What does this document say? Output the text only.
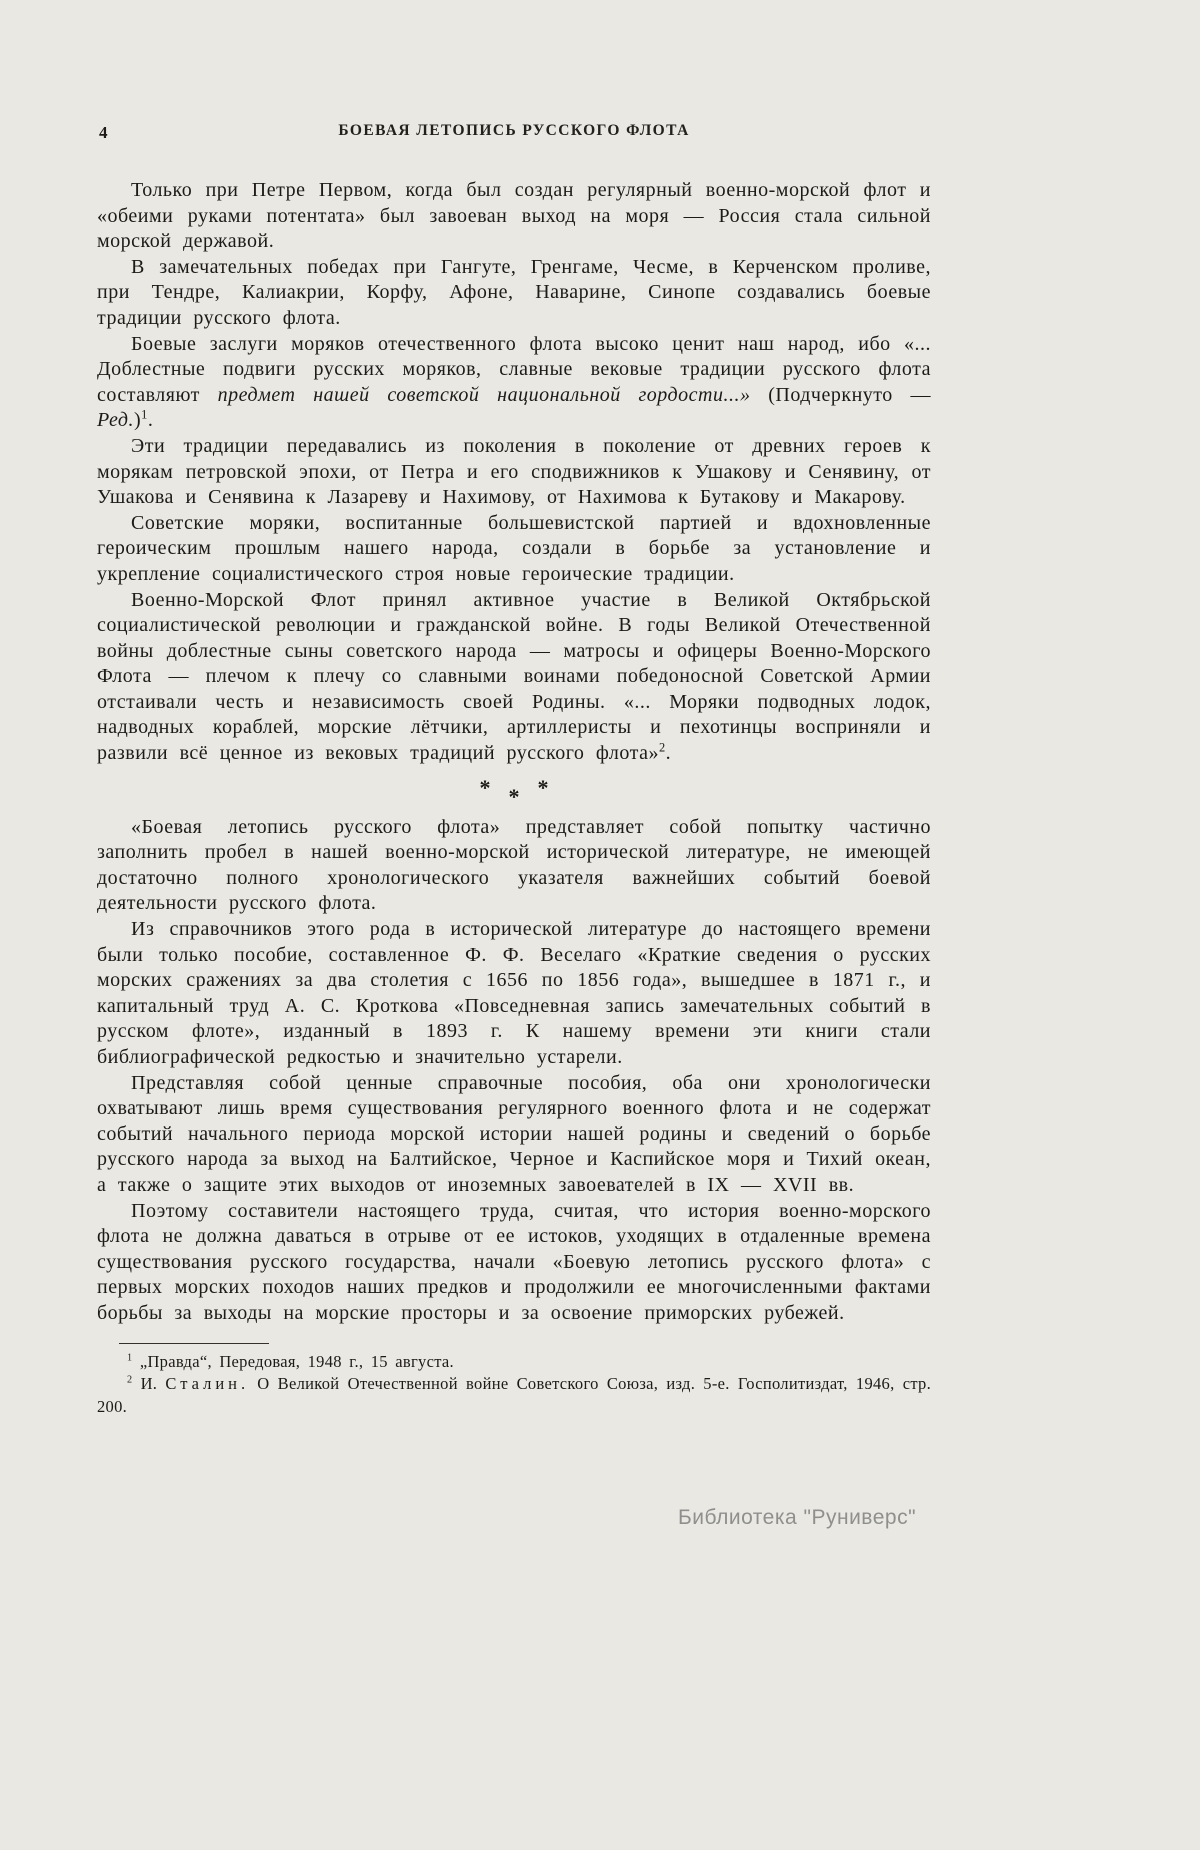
4	БОЕВАЯ ЛЕТОПИСЬ РУССКОГО ФЛОТА

Только при Петре Первом, когда был создан регулярный военно-морской флот и «обеими руками потентата» был завоеван выход на моря — Россия стала сильной морской державой.

В замечательных победах при Гангуте, Гренгаме, Чесме, в Керченском проливе, при Тендре, Калиакрии, Корфу, Афоне, Наварине, Синопе создавались боевые традиции русского флота.

Боевые заслуги моряков отечественного флота высоко ценит наш народ, ибо «... Доблестные подвиги русских моряков, славные вековые традиции русского флота составляют предмет нашей советской национальной гордости...» (Подчеркнуто — Ред.)$^1$.

Эти традиции передавались из поколения в поколение от древних героев к морякам петровской эпохи, от Петра и его сподвижников к Ушакову и Сенявину, от Ушакова и Сенявина к Лазареву и Нахимову, от Нахимова к Бутакову и Макарову.

Советские моряки, воспитанные большевистской партией и вдохновленные героическим прошлым нашего народа, создали в борьбе за установление и укрепление социалистического строя новые героические традиции.

Военно-Морской Флот принял активное участие в Великой Октябрьской социалистической революции и гражданской войне. В годы Великой Отечественной войны доблестные сыны советского народа — матросы и офицеры Военно-Морского Флота — плечом к плечу со славными воинами победоносной Советской Армии отстаивали честь и независимость своей Родины. «... Моряки подводных лодок, надводных кораблей, морские лётчики, артиллеристы и пехотинцы восприняли и развили всё ценное из вековых традиций русского флота»$^2$.

* * *

«Боевая летопись русского флота» представляет собой попытку частично заполнить пробел в нашей военно-морской исторической литературе, не имеющей достаточно полного хронологического указателя важнейших событий боевой деятельности русского флота.

Из справочников этого рода в исторической литературе до настоящего времени были только пособие, составленное Ф. Ф. Веселаго «Краткие сведения о русских морских сражениях за два столетия с 1656 по 1856 года», вышедшее в 1871 г., и капитальный труд А. С. Кроткова «Повседневная запись замечательных событий в русском флоте», изданный в 1893 г. К нашему времени эти книги стали библиографической редкостью и значительно устарели.

Представляя собой ценные справочные пособия, оба они хронологически охватывают лишь время существования регулярного военного флота и не содержат событий начального периода морской истории нашей родины и сведений о борьбе русского народа за выход на Балтийское, Черное и Каспийское моря и Тихий океан, а также о защите этих выходов от иноземных завоевателей в IX — XVII вв.

Поэтому составители настоящего труда, считая, что история военно-морского флота не должна даваться в отрыве от ее истоков, уходящих в отдаленные времена существования русского государства, начали «Боевую летопись русского флота» с первых морских походов наших предков и продолжили ее многочисленными фактами борьбы за выходы на морские просторы и за освоение приморских рубежей.

$^1$ „Правда“, Передовая, 1948 г., 15 августа.

$^2$ И. Сталин. О Великой Отечественной войне Советского Союза, изд. 5-е. Госполитиздат, 1946, стр. 200.

Библиотека "Руниверс"
